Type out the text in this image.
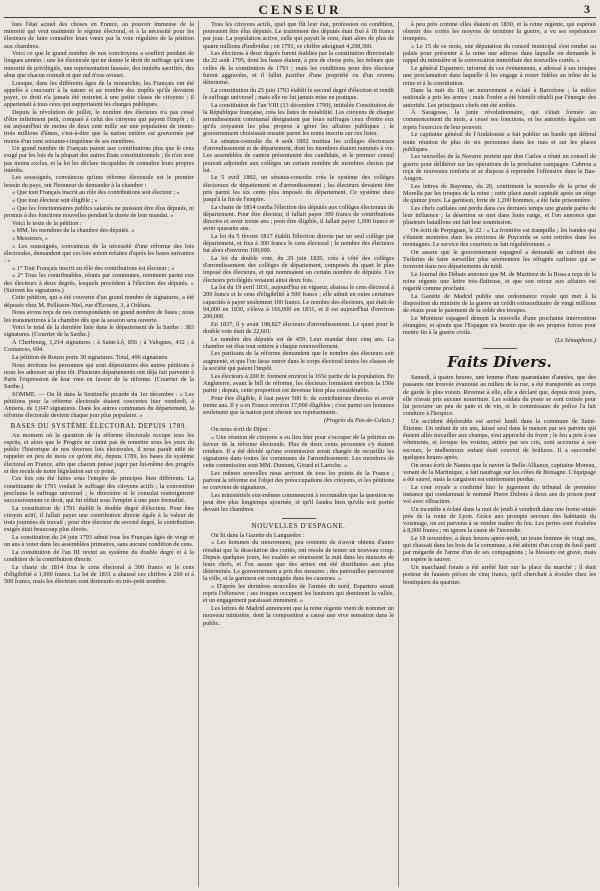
CENSEUR	3

lues l'état actuel des choses en France, au pouvoir immense de la minorité qui veut maintenir le régime électoral, et à la nécessité pour les électeurs de faire connaître leurs vœux par la voie régulière de la pétition aux chambres.

Voici ce que le grand nombre de nos concitoyens a souffert pendant de longues années : une loi électorale qui ne donne le droit de suffrage qu'à une minorité de privilégiés, une représentation faussée, des intérêts sacrifiés, des abus que chacun connaît et que nul n'ose avouer.

Lorsque, dans les différents âges de la monarchie, les Français ont été appelés à concourir à la nature et au nombre des impôts qu'ils devaient payer, ce droit n'a jamais été restreint à une petite classe de citoyens ; il appartenait à tous ceux qui supportaient les charges publiques.

Depuis la révolution de juillet, le nombre des électeurs n'a pas cessé d'être infiniment petit, comparé à celui des citoyens qui payent l'impôt ; il est aujourd'hui de moins de deux cent mille sur une population de trente-trois millions d'âmes, c'est-à-dire que la nation entière est gouvernée par moins d'un cent soixante-cinquième de ses membres.

Un grand nombre de Français paient aux contributions plus que le cens exigé par les lois de la plupart des autres États constitutionnels ; ils n'en sont pas moins exclus, et la loi les déclare incapables de connaître leurs propres intérêts.

Les soussignés, convaincus qu'une réforme électorale est le premier besoin du pays, ont l'honneur de demander à la chambre :

« Que tout Français inscrit au rôle des contributions soit électeur ; »

« Que tout électeur soit éligible ; »

« Que les fonctionnaires publics salariés ne puissent être élus députés, ni promus à des fonctions nouvelles pendant la durée de leur mandat. »

Voici le texte de la pétition :

« MM. les membres de la chambre des députés. »

« Messieurs, »

« Les soussignés, convaincus de la nécessité d'une réforme des lois électorales, demandent que ces lois soient refaites d'après les bases suivantes : »

« 1° Tout Français inscrit au rôle des contributions est électeur ; »

« 2° Tous les contribuables, réunis par communes, nomment parmi eux des électeurs à deux degrés, lesquels procèdent à l'élection des députés. » (Suivent les signatures.)

Cette pétition, qui a été couverte d'un grand nombre de signatures, a été déposée chez M. Pellisson-Niel, rue d'Écouen, 3, à Orléans.

Nous avons reçu de nos correspondants un grand nombre de listes ; nous les transmettrons à la chambre dès que la session sera ouverte.

Voici le total de la dernière liste dans le département de la Sarthe : 383 signatures. (Courrier de la Sarthe.)

À Cherbourg, 1,214 signatures ; à Saint-Lô, 856 ; à Valognes, 432 ; à Coutances, 694.

La pétition de Rouen porte 30 signatures. Total, 496 signatures.

Nous invitons les personnes qui sont dépositaires des autres pétitions à nous les adresser au plus tôt. Plusieurs départements ont déjà fait parvenir à Paris l'expression de leur vœu en faveur de la réforme. (Courrier de la Sarthe.)

SOMME. — On lit dans la Sentinelle picarde du 1er décembre : « Les pétitions pour la réforme électorale étaient couvertes hier vendredi, à Amiens, de 1,047 signatures. Dans les autres communes du département, la réforme électorale devient chaque jour plus populaire. »

BASES DU SYSTÈME ÉLECTORAL DEPUIS 1789.

Au moment où la question de la réforme électorale occupe tous les esprits, et alors que le Progrès ne craint pas de remettre sous les yeux du public l'historique de nos diverses lois électorales, il nous paraît utile de rappeler en peu de mots ce qu'ont été, depuis 1789, les bases du système électoral en France, afin que chacun puisse juger par lui-même des progrès et des reculs de notre législation sur ce point.

Ces lois ont été faites sous l'empire de principes bien différents. La constituante de 1791 voulait le suffrage des citoyens actifs ; la convention proclama le suffrage universel ; le directoire et le consulat restreignirent successivement ce droit, qui fut réduit sous l'empire à une pure formalité.

La constitution de 1791 établit le double degré d'élection. Pour être citoyen actif, il fallait payer une contribution directe égale à la valeur de trois journées de travail ; pour être électeur du second degré, la contribution exigée était beaucoup plus élevée.

La constitution du 24 juin 1793 admit tous les Français âgés de vingt et un ans à voter dans les assemblées primaires, sans aucune condition de cens.

La constitution de l'an III revint au système du double degré et à la condition de la contribution directe.

La charte de 1814 fixa le cens électoral à 300 francs et le cens d'éligibilité à 1,000 francs. La loi de 1831 a abaissé ces chiffres à 200 et à 500 francs, mais les électeurs sont demeurés en très-petit nombre.

Tous les citoyens actifs, quel que fût leur état, profession ou condition, pouvaient être élus députés. Le traitement des députés était fixé à 18 francs par jour. La population active, celle qui payait le cens, était alors de plus de quatre millions d'individus ; en 1791, ce chiffre atteignait 4,298,360.

Les élections à deux degrés furent établies par la constitution directoriale du 22 août 1795, dont les bases étaient, à peu de chose près, les mêmes que celles de la constitution de 1791 ; mais les conditions pour être électeur furent aggravées, et il fallut justifier d'une propriété ou d'un revenu déterminé.

La constitution du 25 juin 1793 établit le second degré d'élection et rendit le suffrage universel ; mais elle ne fut jamais mise en pratique.

La constitution de l'an VIII (13 décembre 1799), intitulée Constitution de la République française, créa les listes de notabilité. Les citoyens de chaque arrondissement communal désignaient par leurs suffrages ceux d'entre eux qu'ils croyaient les plus propres à gérer les affaires publiques ; le gouvernement choisissait ensuite parmi les noms inscrits sur ces listes.

Le sénatus-consulte du 4 août 1802 institua les collèges électoraux d'arrondissement et de département, dont les membres étaient nommés à vie. Les assemblées de canton présentaient des candidats, et le premier consul pouvait adjoindre aux collèges un certain nombre de membres choisis par lui.

Le 5 avril 1802, un sénatus-consulte créa le système des collèges électoraux de département et d'arrondissement ; les électeurs devaient être pris parmi les six cents plus imposés du département. Ce système dura jusqu'à la fin de l'empire.

La charte de 1814 confia l'élection des députés aux collèges électoraux de département. Pour être électeur, il fallait payer 300 francs de contributions directes et avoir trente ans ; pour être éligible, il fallait payer 1,000 francs et avoir quarante ans.

La loi du 5 février 1817 établit l'élection directe par un seul collège par département, et fixa à 300 francs le cens électoral ; le nombre des électeurs fut alors d'environ 100,000.

La loi du double vote, du 29 juin 1820, créa à côté des collèges d'arrondissement des collèges de département, composés du quart le plus imposé des électeurs, et qui nommaient un certain nombre de députés. Ces électeurs privilégiés votaient ainsi deux fois.

La loi du 19 avril 1831, aujourd'hui en vigueur, abaissa le cens électoral à 200 francs et le cens d'éligibilité à 500 francs ; elle admit en outre certaines capacités à payer seulement 100 francs. Le nombre des électeurs, qui était de 94,000 en 1830, s'éleva à 166,000 en 1831, et il est aujourd'hui d'environ 200,000.

En 1837, il y avait 198,827 électeurs d'arrondissement. Le quart pour le double vote était de 22,601.

Le nombre des députés est de 459. Leur mandat dure cinq ans. La chambre est élue tout entière à chaque renouvellement.

Les partisans de la réforme demandent que le nombre des électeurs soit augmenté, et que l'on fasse entrer dans le corps électoral toutes les classes de la société qui paient l'impôt.

Les électeurs à 200 fr. forment environ la 165e partie de la population. En Angleterre, avant le bill de réforme, les électeurs formaient environ la 150e partie ; depuis, cette proportion est devenue bien plus considérable.

Pour être éligible, il faut payer 500 fr. de contributions directes et avoir trente ans. Il y a en France environ 17,000 éligibles ; c'est parmi ces hommes seulement que la nation peut choisir ses représentants.

(Progrès du Pas-de-Calais.)

On nous écrit de Dijon :

« Une réunion de citoyens a eu lieu hier pour s'occuper de la pétition en faveur de la réforme électorale. Plus de deux cents personnes s'y étaient rendues. Il a été décidé qu'une commission serait chargée de recueillir les signatures dans toutes les communes de l'arrondissement. Les membres de cette commission sont MM. Dumont, Girard et Laroche. »

Les mêmes nouvelles nous arrivent de tous les points de la France ; partout la réforme est l'objet des préoccupations des citoyens, et les pétitions se couvrent de signatures.

Les ministériels eux-mêmes commencent à reconnaître que la question ne peut être plus longtemps ajournée, et qu'il faudra bien qu'elle soit portée devant les chambres.

NOUVELLES D'ESPAGNE.

On lit dans la Gazette du Languedoc :

« Les hommes du mouvement, peu contents de n'avoir obtenu d'autre résultat que la dissolution des cortès, ont résolu de tenter un nouveau coup. Depuis quelques jours, les exaltés se réunissent la nuit dans les maisons de leurs chefs, et l'on assure que des armes ont été distribuées aux plus déterminés. Le gouvernement a pris des mesures ; des patrouilles parcourent la ville, et la garnison est consignée dans les casernes. »

« D'après les dernières nouvelles de l'armée du nord, Espartero aurait repris l'offensive ; ses troupes occupent les hauteurs qui dominent la vallée, et un engagement paraissait imminent. »

Les lettres de Madrid annoncent que la reine régente vient de nommer un nouveau ministère, dont la composition a causé une vive sensation dans le public.

à peu près comme elles étaient en 1830, et la reine régente, qui espérait obtenir des cortès les moyens de terminer la guerre, a vu ses espérances trompées.

« Le 15 de ce mois, une députation du conseil municipal s'est rendue au palais pour présenter à la reine une adresse dans laquelle on demande le rappel du ministère et la convocation immédiate des nouvelles cortès. »

Le général Espartero, informé de ces événements, a adressé à ses troupes une proclamation dans laquelle il les engage à rester fidèles au trône de la reine et à la constitution.

Dans la nuit du 18, un mouvement a éclaté à Barcelone ; la milice nationale a pris les armes ; mais l'ordre a été bientôt rétabli par l'énergie des autorités. Les principaux chefs ont été arrêtés.

À Saragosse, la junte révolutionnaire, qui s'était formée au commencement du mois, a cessé ses fonctions, et les autorités légales ont repris l'exercice de leur pouvoir.

Le capitaine général de l'Andalousie a fait publier un bando qui défend toute réunion de plus de six personnes dans les rues et sur les places publiques.

Les nouvelles de la Navarre portent que don Carlos a réuni un conseil de guerre pour délibérer sur les opérations de la prochaine campagne. Cabrera a reçu de nouveaux renforts et se dispose à reprendre l'offensive dans le Bas-Aragon.

Les lettres de Bayonne, du 20, confirment la nouvelle de la prise de Morella par les troupes de la reine ; cette place aurait capitulé après un siège de quinze jours. La garnison, forte de 1,200 hommes, a été faite prisonnière.

Les chefs carlistes ont perdu dans ces derniers temps une grande partie de leur influence ; la désertion se met dans leurs rangs, et l'on annonce que plusieurs bataillons ont fait leur soumission.

On écrit de Perpignan, le 22 : « La frontière est tranquille ; les bandes qui s'étaient montrées dans les environs de Puycerda se sont retirées dans les montagnes. Le service des courriers se fait régulièrement. »

On assure que le gouvernement espagnol a demandé au cabinet des Tuileries de faire surveiller plus sévèrement les réfugiés carlistes qui se trouvent dans nos départements du midi.

Le Journal des Débats annonce que M. de Martinez de la Rosa a reçu de la reine régente une lettre très-flatteuse, et que son retour aux affaires est regardé comme prochain.

La Gazette de Madrid publie une ordonnance royale qui met à la disposition du ministre de la guerre un crédit extraordinaire de vingt millions de réaux pour le paiement de la solde des troupes.

Le Moniteur espagnol dément la nouvelle d'une prochaine intervention étrangère, et ajoute que l'Espagne n'a besoin que de ses propres forces pour mettre fin à la guerre civile.

(Le Sémaphore.)

Faits Divers.

Samedi, à quatre heures, une femme d'une quarantaine d'années, que des passants ont trouvée évanouie au milieu de la rue, a été transportée au corps de garde le plus voisin. Revenue à elle, elle a déclaré que, depuis trois jours, elle n'avait pris aucune nourriture. Les soldats du poste se sont cotisés pour lui procurer un peu de pain et de vin, et le commissaire de police l'a fait conduire à l'hospice.

Un accident déplorable est arrivé lundi dans la commune de Saint-Étienne. Un enfant de six ans, laissé seul dans la maison par ses parents qui étaient allés travailler aux champs, s'est approché du foyer ; le feu a pris à ses vêtements, et lorsque les voisins, attirés par ses cris, sont accourus à son secours, le malheureux enfant était couvert de brûlures. Il a succombé quelques heures après.

On nous écrit de Nantes que le navire la Belle-Alliance, capitaine Moreau, venant de la Martinique, a fait naufrage sur les côtes de Bretagne. L'équipage a été sauvé, mais la cargaison est entièrement perdue.

La cour royale a confirmé hier le jugement du tribunal de première instance qui condamnait le nommé Pierre Dubois à deux ans de prison pour vol avec effraction.

Un incendie a éclaté dans la nuit de jeudi à vendredi dans une ferme située près de la route de Lyon. Grâce aux prompts secours des habitants du voisinage, on est parvenu à se rendre maître du feu. Les pertes sont évaluées à 8,000 francs ; on ignore la cause de l'incendie.

Le 18 novembre, à deux heures après-midi, un jeune homme de vingt ans, qui chassait dans les bois de la commune, a été atteint d'un coup de fusil parti par mégarde de l'arme d'un de ses compagnons ; la blessure est grave, mais on espère le sauver.

Un marchand forain a été arrêté hier sur la place du marché ; il était porteur de fausses pièces de cinq francs, qu'il cherchait à écouler chez les boutiquiers du quartier.
